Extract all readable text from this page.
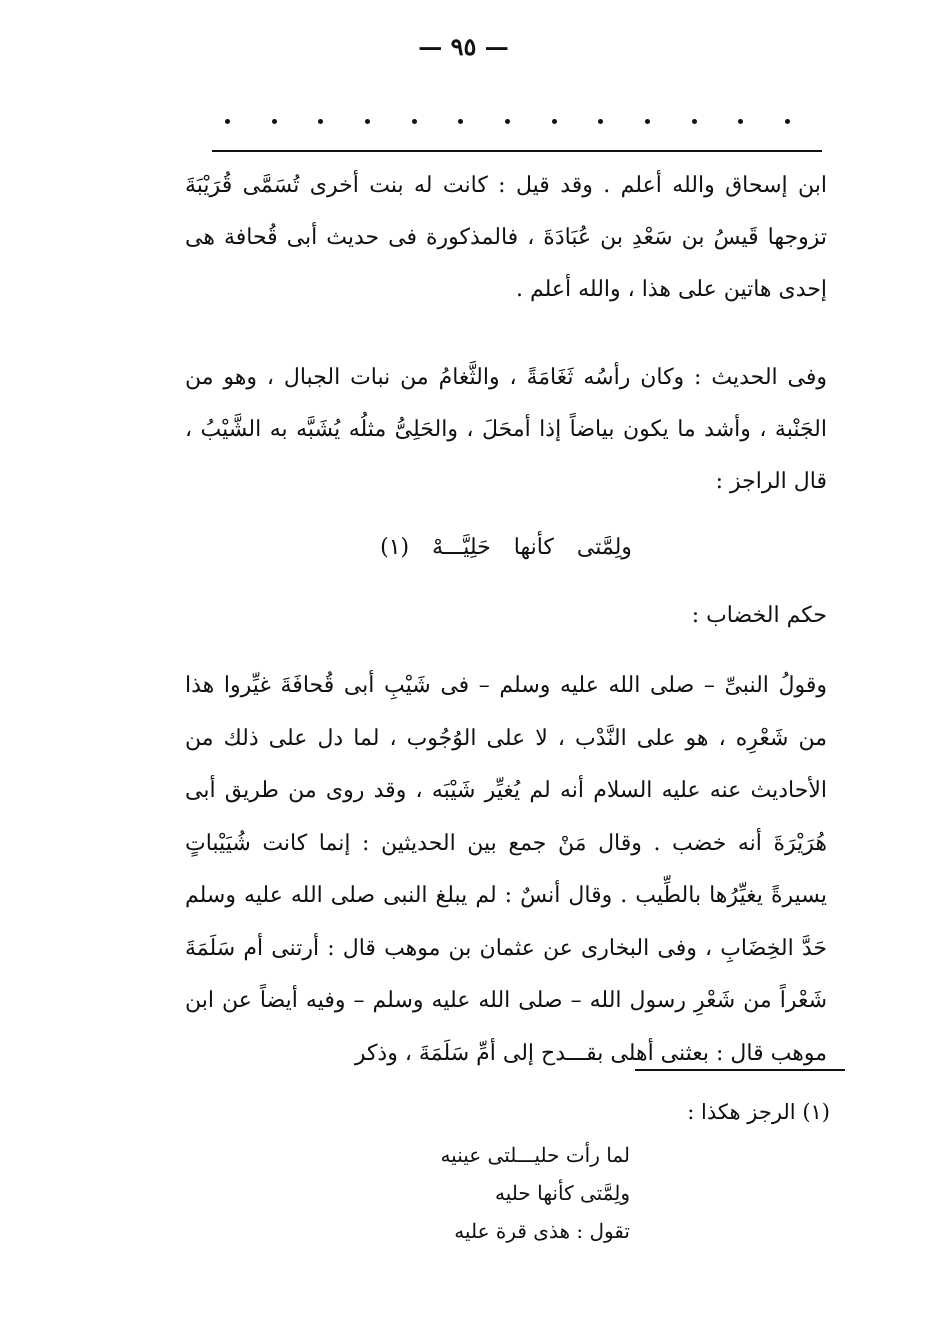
— ٩٥ —
ابن إسحاق والله أعلم . وقد قيل : كانت له بنت أخرى تُسَمَّى قُرَيْبَةَ تزوجها قَيسُ بن سَعْدِ بن عُبَادَةَ ، فالمذكورة فى حديث أبى قُحافة هى إحدى هاتين على هذا ، والله أعلم .
وفى الحديث : وكان رأسُه ثَغَامَةً ، والثَّغامُ من نبات الجبال ، وهو من الجَنْبة ، وأشد ما يكون بياضاً إذا أمحَلَ ، والحَلِىُّ مثلُه يُشَبَّه به الشَّيْبُ ، قال الراجز :
ولِمَّتى كأنها حَلِيَّـــهْ (١)
حكم الخضاب :
وقولُ النبىِّ – صلى الله عليه وسلم – فى شَيْبِ أبى قُحافَةَ غيِّروا هذا من شَعْرِه ، هو على النَّدْب ، لا على الوُجُوب ، لما دل على ذلك من الأحاديث عنه عليه السلام أنه لم يُغيِّر شَيْبَه ، وقد روى من طريق أبى هُرَيْرَةَ أنه خضب . وقال مَنْ جمع بين الحديثين : إنما كانت شُيَيْباتٍ يسيرةً يغيِّرُها بالطِّيب . وقال أنسٌ : لم يبلغ النبى صلى الله عليه وسلم حَدَّ الخِضَابِ ، وفى البخارى عن عثمان بن موهب قال : أرتنى أم سَلَمَةَ شَعْراً من شَعْرِ رسول الله – صلى الله عليه وسلم – وفيه أيضاً عن ابن موهب قال : بعثنى أهلى بقـــدح إلى أمِّ سَلَمَةَ ، وذكر
(١) الرجز هكذا :
لما رأت حليـــلتى عينيه
ولِمَّتى كأنها حليه
تقول : هذى قرة عليه
